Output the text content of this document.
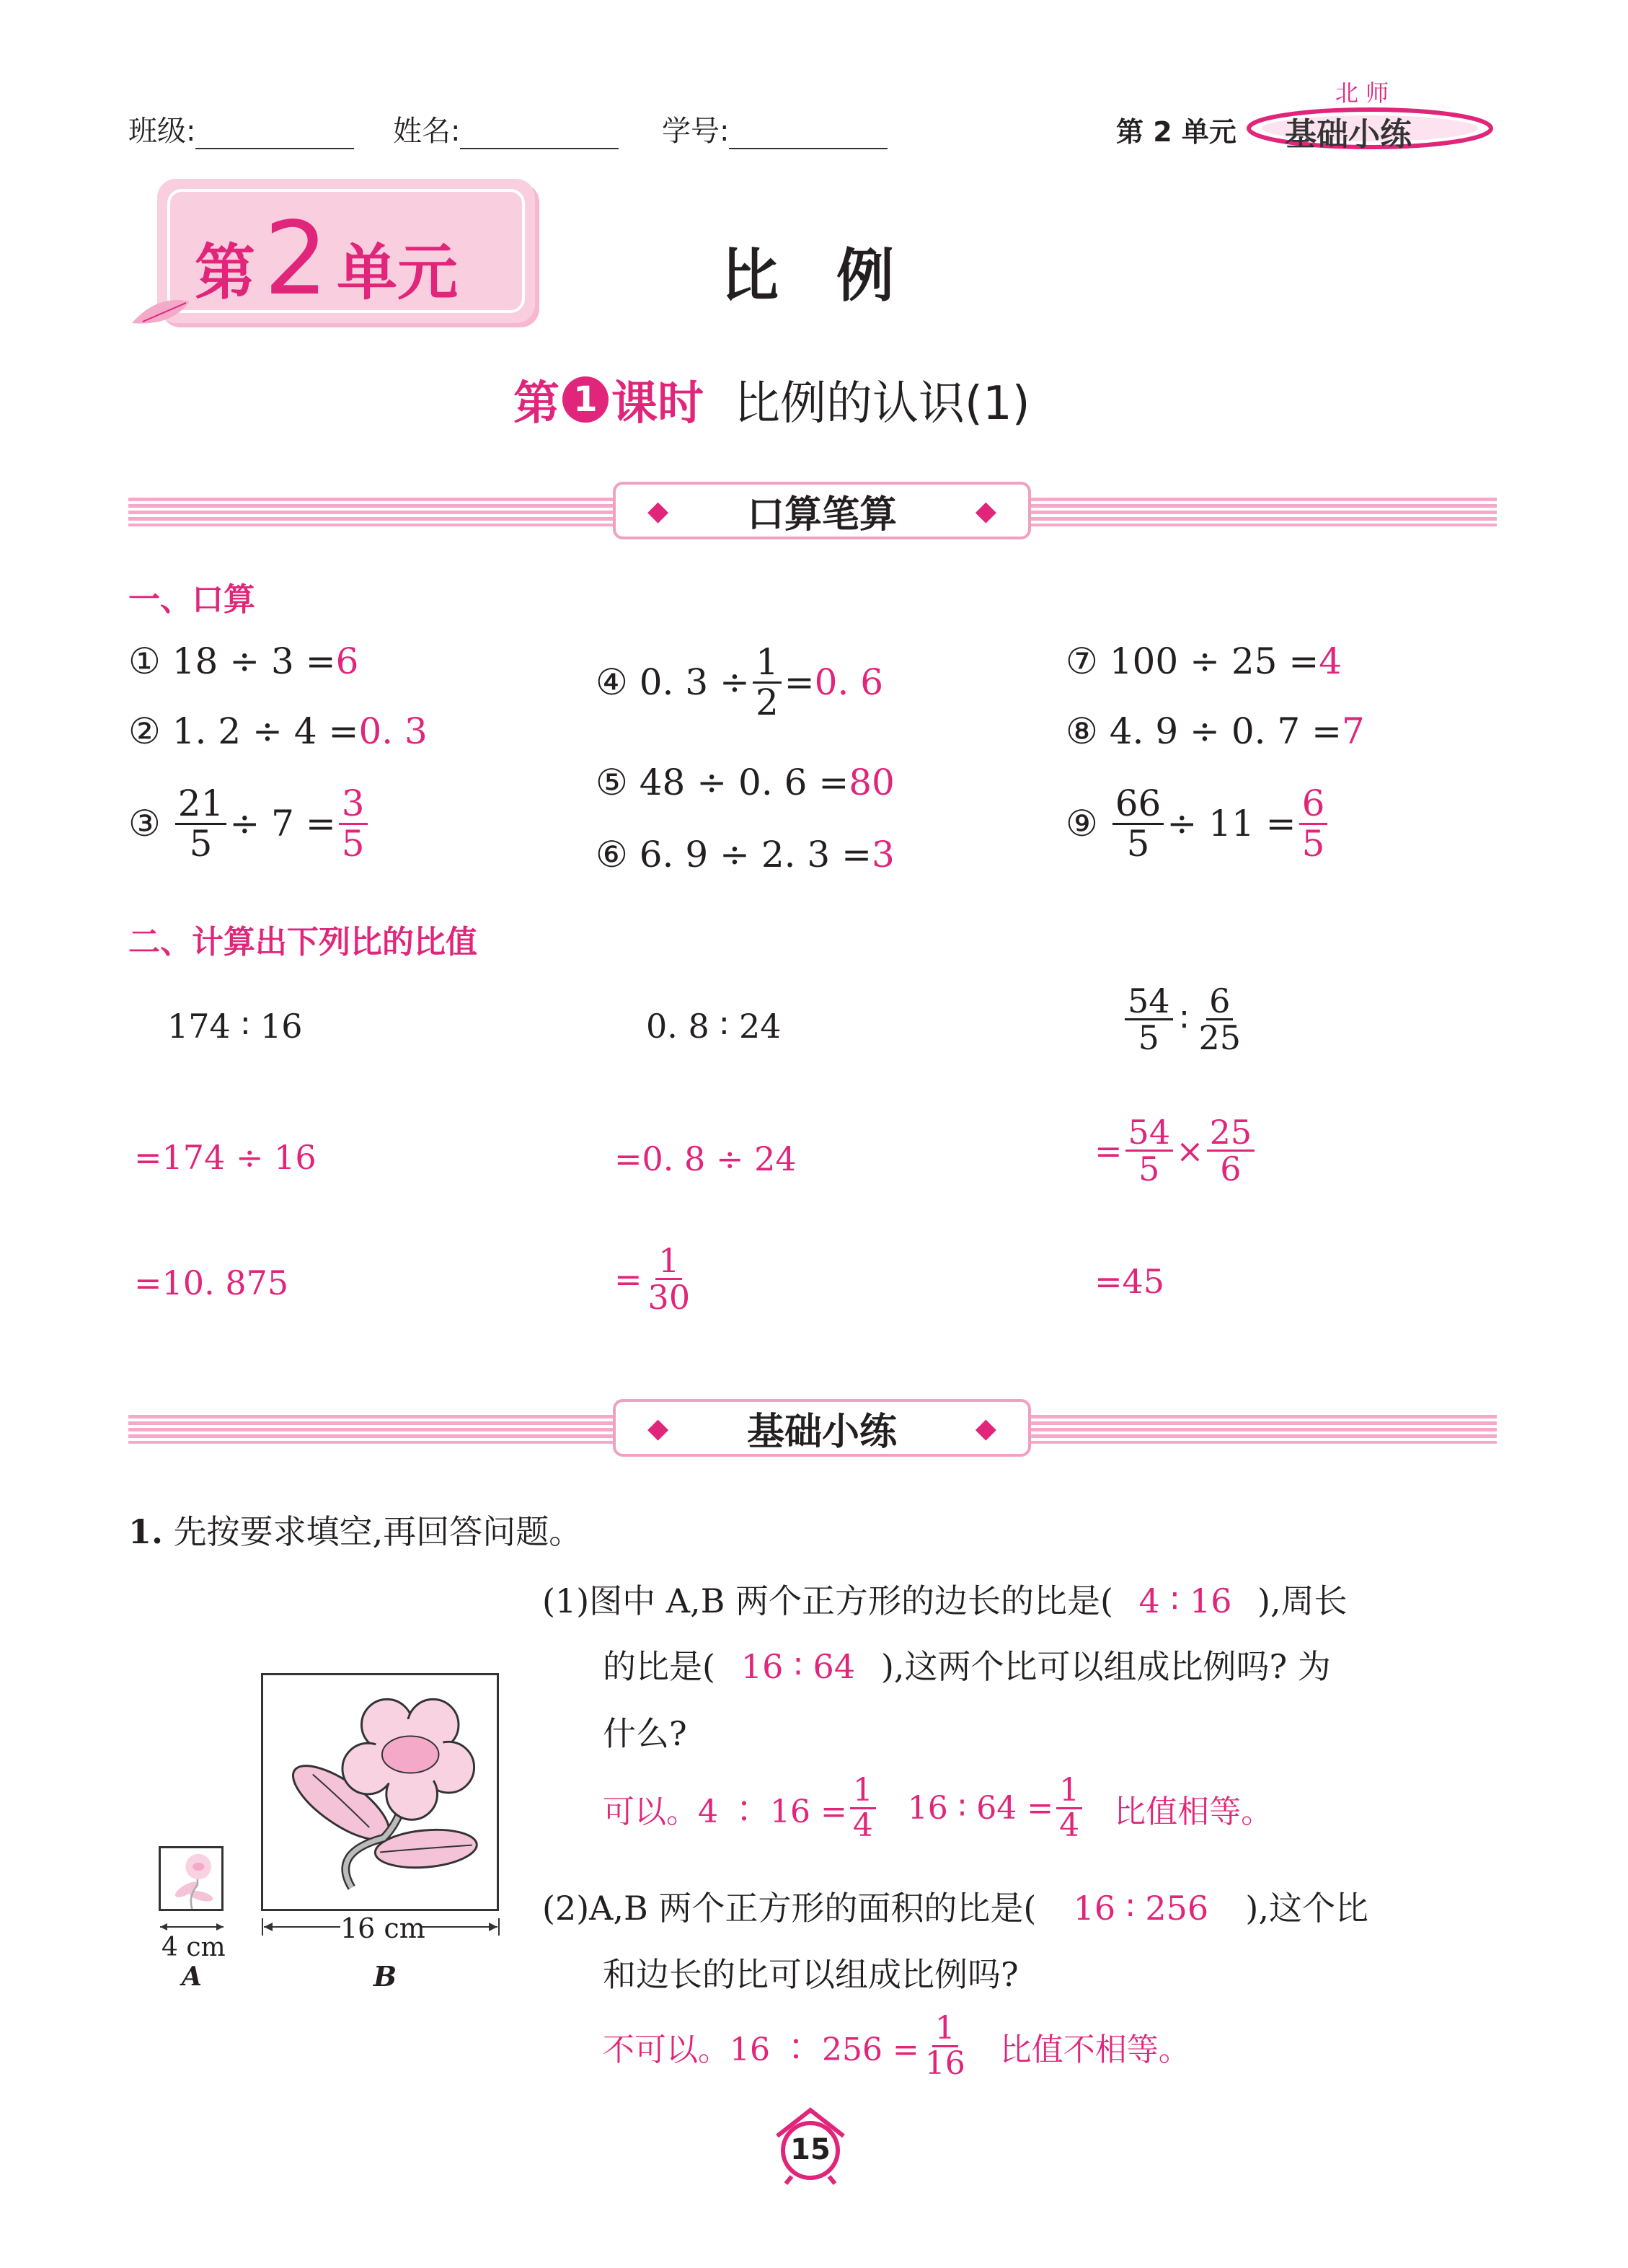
班级:	姓名:	学号:	第 2 单元
北 师
基础小练
第2 单元	比　例
第 1 课时 比例的认识(1)
◆ 口算笔算	◆
一、口算
①
18 ÷ 3 = 6
②
1. 2 ÷ 4 = 0. 3
③
$\frac{21}{5} \div 7 = \frac{3}{5}$
④
0. $3 \div \frac{1}{2} = 0$. 6
⑤
48 ÷ 0. 6 = 80
⑥
6. 9 ÷ 2. 3 = 3
⑦
100 ÷ 25 = 4
⑧
4. 9 ÷ 0. 7 = 7
⑨
$\frac{66}{5} \div 11 = \frac{6}{5}$
二、计算出下列比的比值
174 ∶ 16
=174 ÷ 16
=10. 875
0. 8 ∶ 24
=0. 8 ÷ 24
= $\frac{1}{30}$
$\frac{54}{5}$ ∶ $\frac{6}{25}$
= $\frac{54}{5} \times \frac{25}{6}$
=45
◆ 基础小练	◆
1. 先按要求填空,再回答问题。
(1)图中 A,B 两个正方形的边长的比是( 4 ∶ 16 ),周长
的比是( 16 ∶ 64 ),这两个比可以组成比例吗? 为
什么?
可以。4 ∶ $16 = \frac{1}{4} 16$ ∶ $64 = \frac{1}{4}$ 比值相等。
(2)A,B 两个正方形的面积的比是( 16 ∶ 256 ),这个比
和边长的比可以组成比例吗?
不可以。16 ∶ $256 = \frac{1}{16}$ 比值不相等。
4 cm
A
16 cm
B
15
